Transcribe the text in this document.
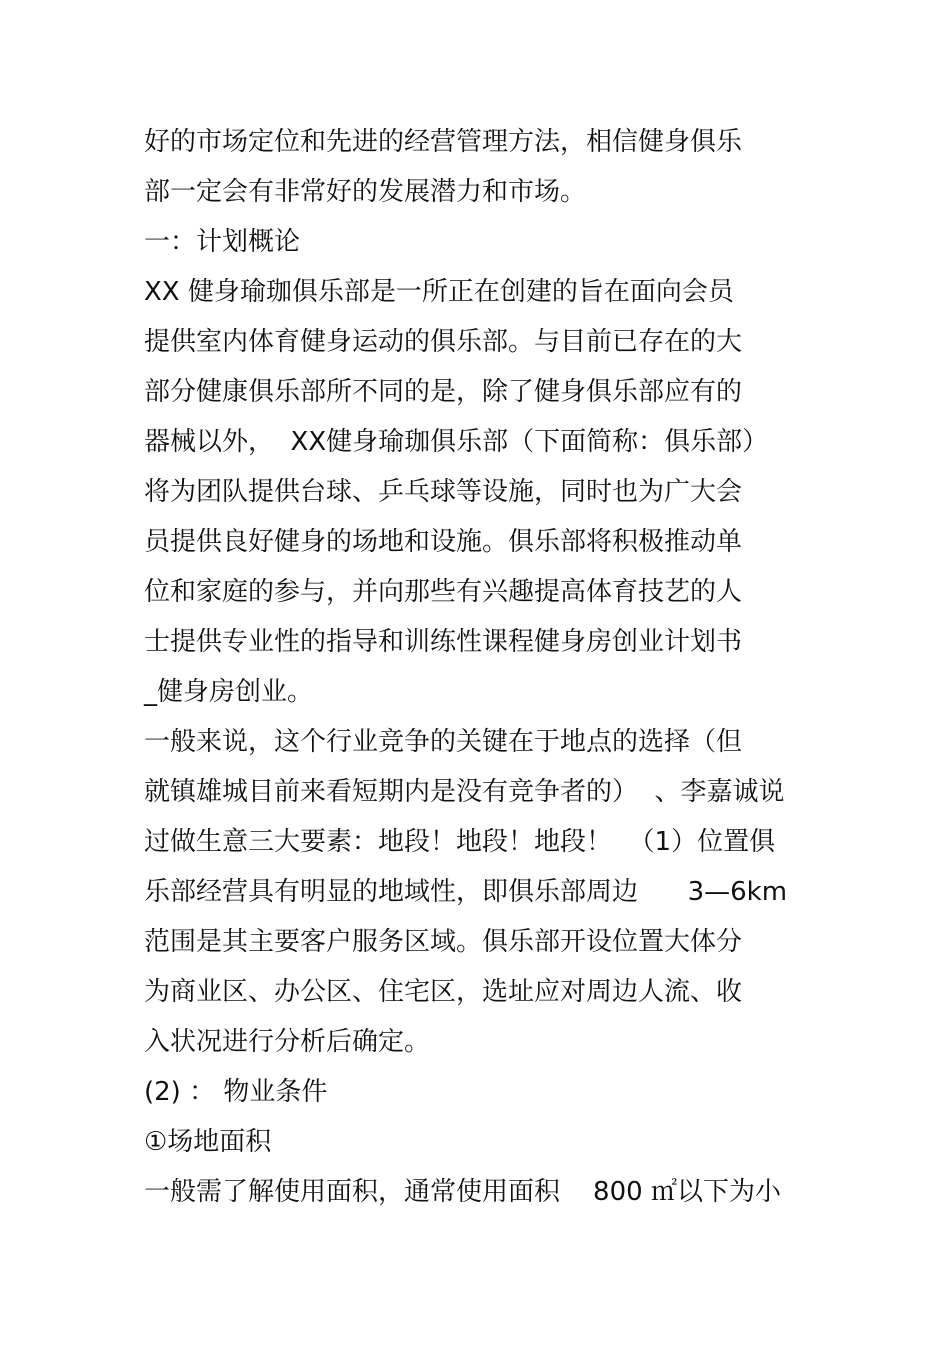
好的市场定位和先进的经营管理方法，相信健身俱乐
部一定会有非常好的发展潜力和市场。
一：计划概论
XX 健身瑜珈俱乐部是一所正在创建的旨在面向会员
提供室内体育健身运动的俱乐部。与目前已存在的大
部分健康俱乐部所不同的是，除了健身俱乐部应有的
器械以外，  XX健身瑜珈俱乐部（下面简称：俱乐部）
将为团队提供台球、乒乓球等设施，同时也为广大会
员提供良好健身的场地和设施。俱乐部将积极推动单
位和家庭的参与，并向那些有兴趣提高体育技艺的人
士提供专业性的指导和训练性课程健身房创业计划书
_健身房创业。
一般来说，这个行业竞争的关键在于地点的选择（但
就镇雄城目前来看短期内是没有竞争者的）  、李嘉诚说
过做生意三大要素：地段！地段！地段！  （1）位置俱
乐部经营具有明显的地域性，即俱乐部周边      3—6km
范围是其主要客户服务区域。俱乐部开设位置大体分
为商业区、办公区、住宅区，选址应对周边人流、收
入状况进行分析后确定。
(2) ： 物业条件
①场地面积
一般需了解使用面积，通常使用面积    800 ㎡以下为小
